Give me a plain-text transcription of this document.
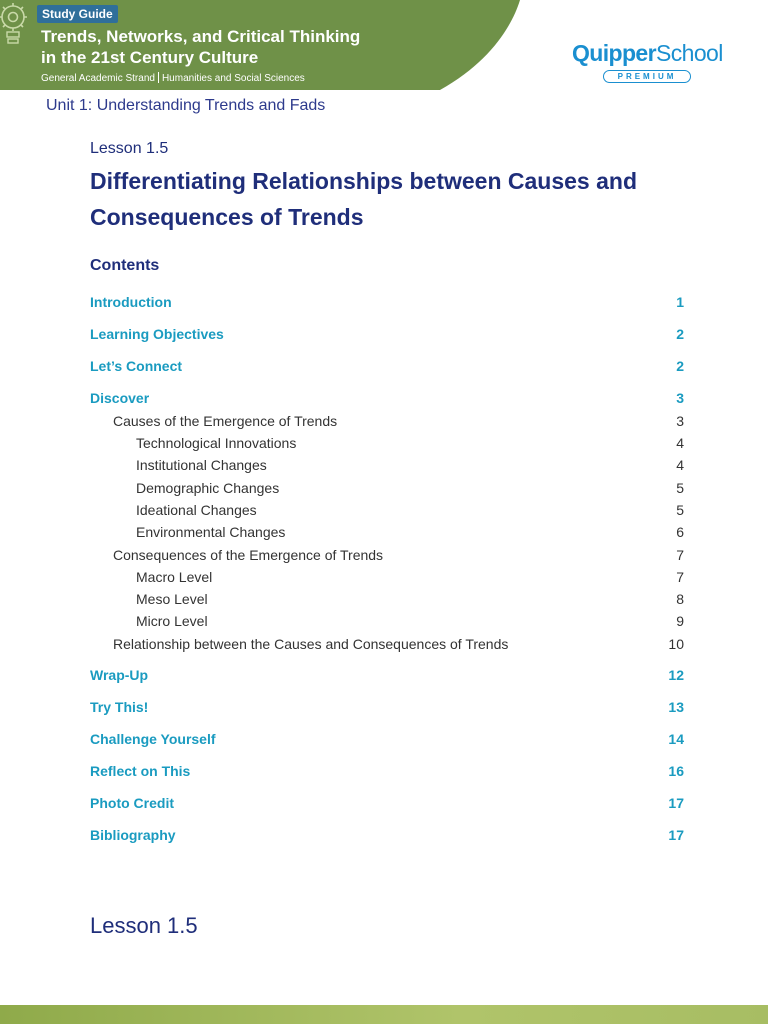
Study Guide
Trends, Networks, and Critical Thinking
in the 21st Century Culture
General Academic Strand Humanities and Social Sciences
QuipperSchool
PREMIUM
Unit 1: Understanding Trends and Fads
Lesson 1.5
Differentiating Relationships between Causes and Consequences of Trends
Contents
Introduction	1
Learning Objectives	2
Let’s Connect	2
Discover	3
Causes of the Emergence of Trends	3
Technological Innovations	4
Institutional Changes	4
Demographic Changes	5
Ideational Changes	5
Environmental Changes	6
Consequences of the Emergence of Trends	7
Macro Level	7
Meso Level	8
Micro Level	9
Relationship between the Causes and Consequences of Trends	10
Wrap-Up	12
Try This!	13
Challenge Yourself	14
Reflect on This	16
Photo Credit	17
Bibliography	17
Lesson 1.5
